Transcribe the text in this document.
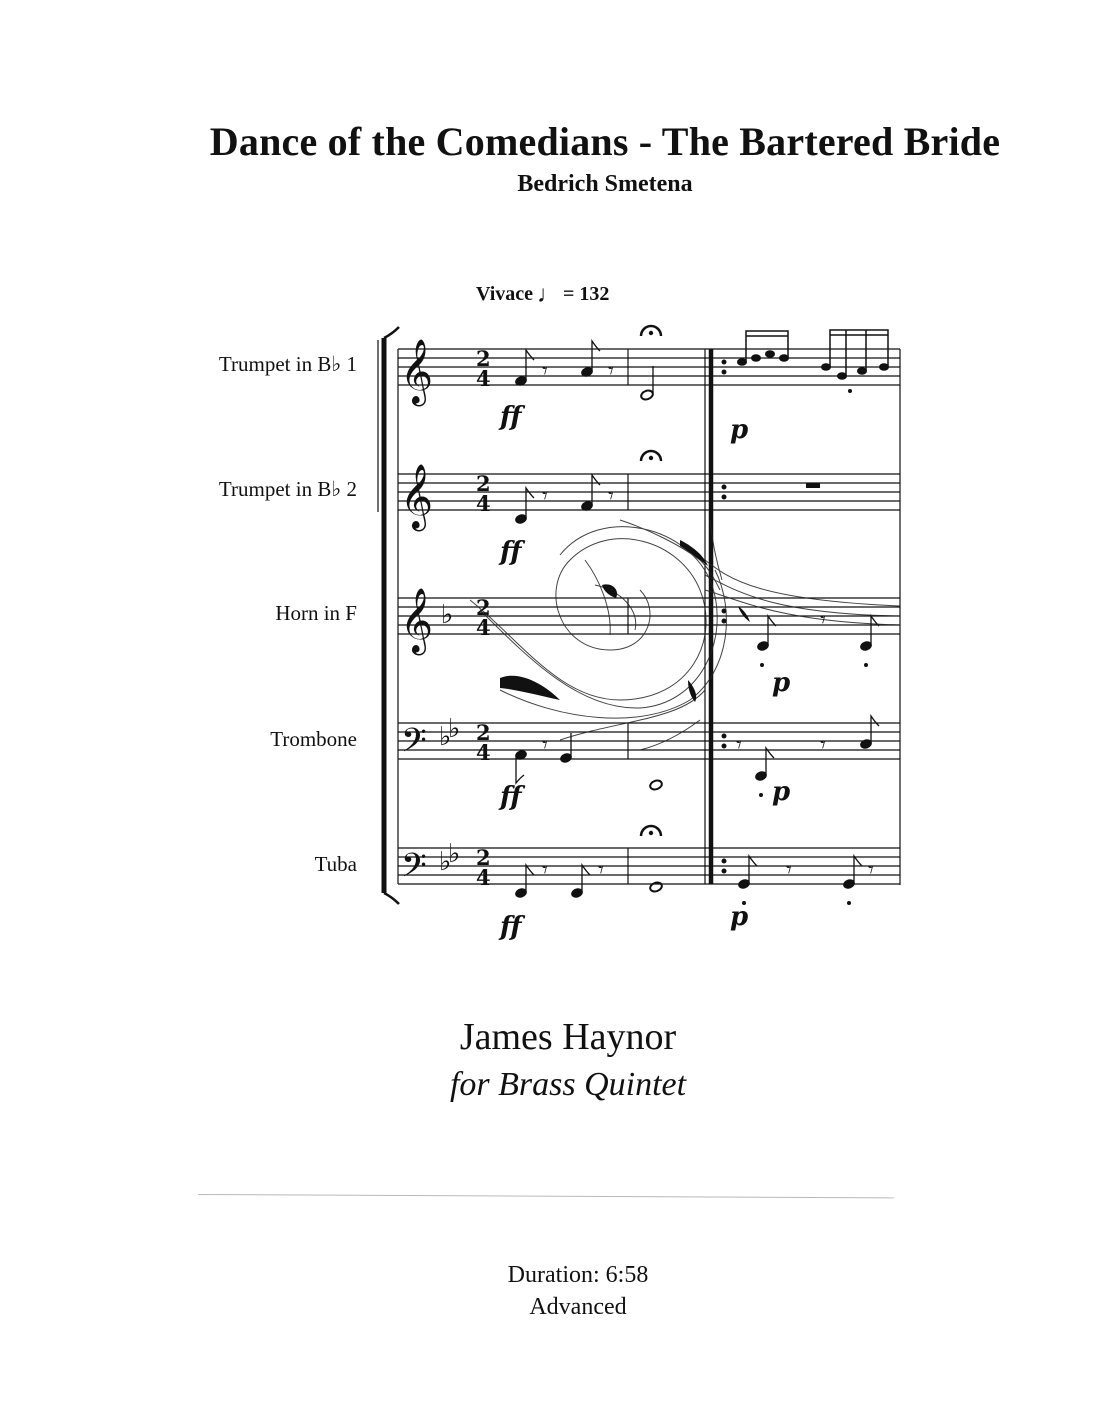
Dance of the Comedians - The Bartered Bride
Bedrich Smetena
Vivace ♩ = 132
Trumpet in B♭ 1
Trumpet in B♭ 2
Horn in F
Trombone
Tuba
𝄞
𝄞
𝄞
𝄢
𝄢
♭
♭
♭
♭
♭
2
4
2
4
2
4
2
4
2
4
𝄾	𝄾
𝄾	𝄾
𝄾
𝄾 𝄾
𝄾
𝄾	𝄾
𝄾	𝄾
ff	p
ff
p
ff	p
ff	p
James Haynor
for Brass Quintet
Duration: 6:58
Advanced
